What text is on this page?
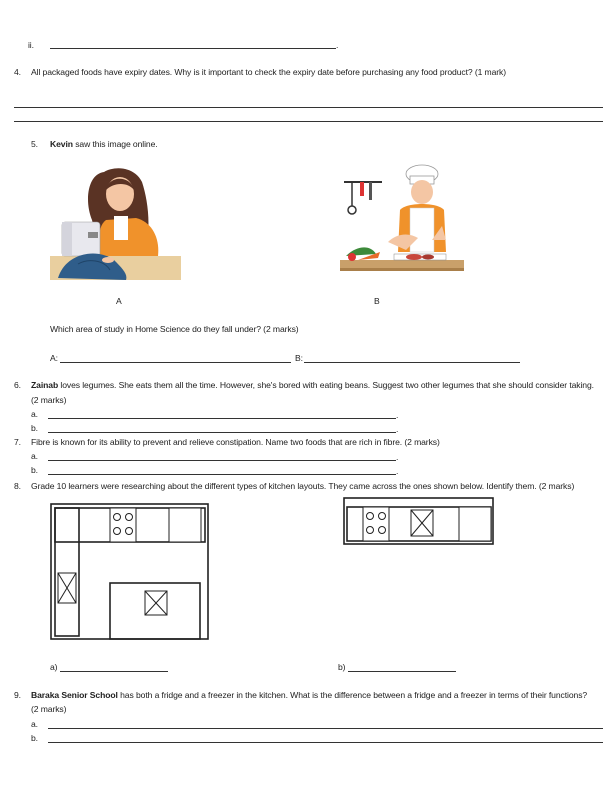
ii.	.
4. All packaged foods have expiry dates. Why is it important to check the expiry date before purchasing any food product? (1 mark)
5. Kevin saw this image online.
A	B
Which area of study in Home Science do they fall under? (2 marks)
A:	B:
6. Zainab loves legumes. She eats them all the time. However, she's bored with eating beans. Suggest two other legumes that she should consider taking.
(2 marks)
a.	.
b.	.
7. Fibre is known for its ability to prevent and relieve constipation. Name two foods that are rich in fibre. (2 marks)
a.	.
b.	.
8. Grade 10 learners were researching about the different types of kitchen layouts. They came across the ones shown below. Identify them. (2 marks)
a)	b)
9. Baraka Senior School has both a fridge and a freezer in the kitchen. What is the difference between a fridge and a freezer in terms of their functions?
(2 marks)
a.
b.
